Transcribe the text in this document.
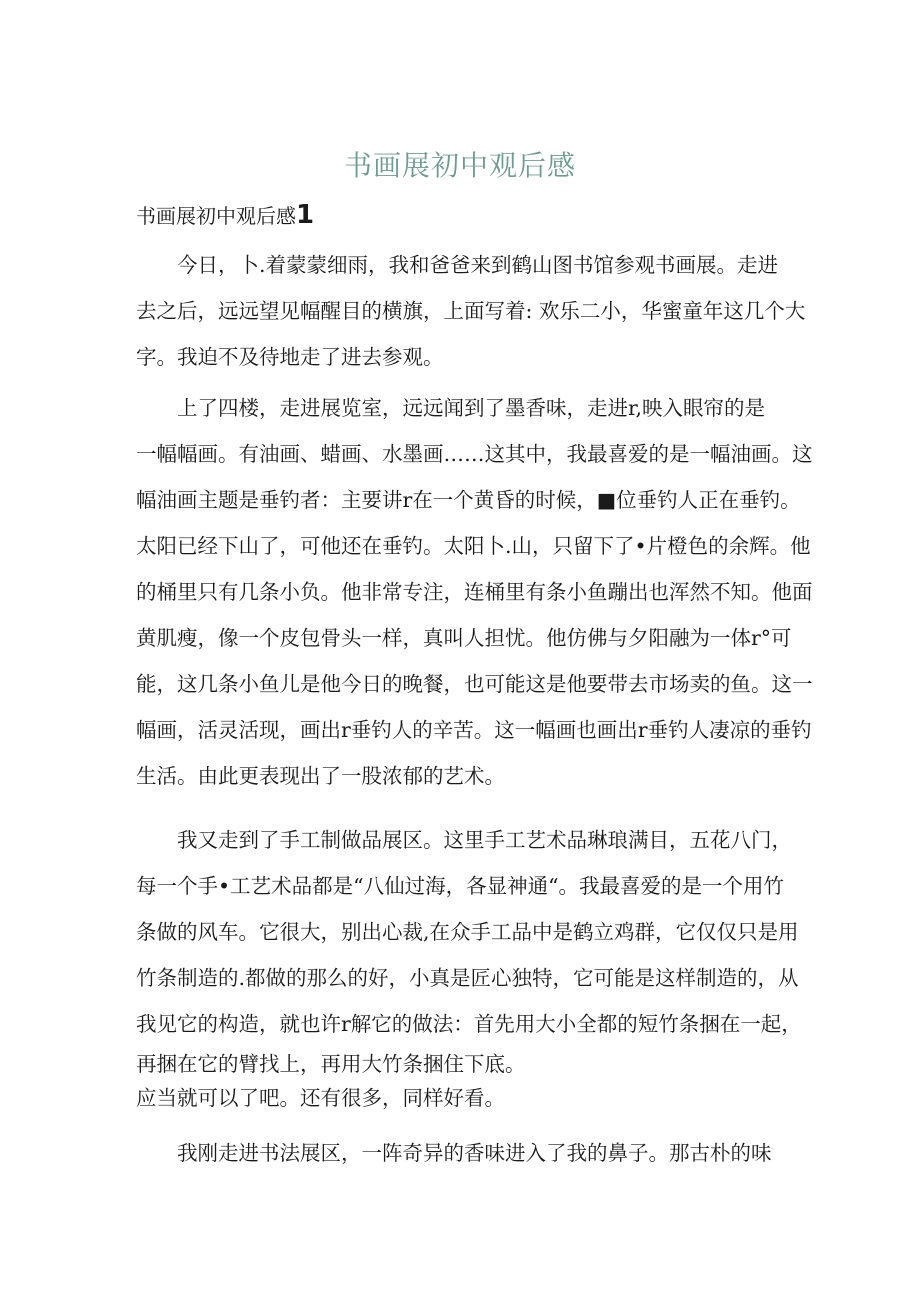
书画展初中观后感
书画展初中观后感1
　　今日，卜.着蒙蒙细雨，我和爸爸来到鹤山图书馆参观书画展。走进
去之后，远远望见幅醒目的横旗，上面写着: 欢乐二小，华蜜童年这几个大
字。我迫不及待地走了进去参观。
　　上了四楼，走进展览室，远远闻到了墨香味，走进r,映入眼帘的是
一幅幅画。有油画、蜡画、水墨画……这其中，我最喜爱的是一幅油画。这
幅油画主题是垂钓者：主要讲r在一个黄昏的时候，■位垂钓人正在垂钓。
太阳已经下山了，可他还在垂钓。太阳卜.山，只留下了•片橙色的余辉。他
的桶里只有几条小负。他非常专注，连桶里有条小鱼蹦出也浑然不知。他面
黄肌瘦，像一个皮包骨头一样，真叫人担忧。他仿佛与夕阳融为一体r°可
能，这几条小鱼儿是他今日的晚餐，也可能这是他要带去市场卖的鱼。这一
幅画，活灵活现，画出r垂钓人的辛苦。这一幅画也画出r垂钓人凄凉的垂钓
生活。由此更表现出了一股浓郁的艺术。
　　我又走到了手工制做品展区。这里手工艺术品琳琅满目，五花八门，
每一个手•工艺术品都是“八仙过海，各显神通“。我最喜爱的是一个用竹
条做的风车。它很大，别出心裁,在众手工品中是鹤立鸡群，它仅仅只是用
竹条制造的.都做的那么的好，小真是匠心独特，它可能是这样制造的，从
我见它的构造，就也许r解它的做法：首先用大小全都的短竹条捆在一起，
再捆在它的臂找上，再用大竹条捆住下底。
应当就可以了吧。还有很多，同样好看。
　　我刚走进书法展区，一阵奇异的香味进入了我的鼻子。那古朴的味
